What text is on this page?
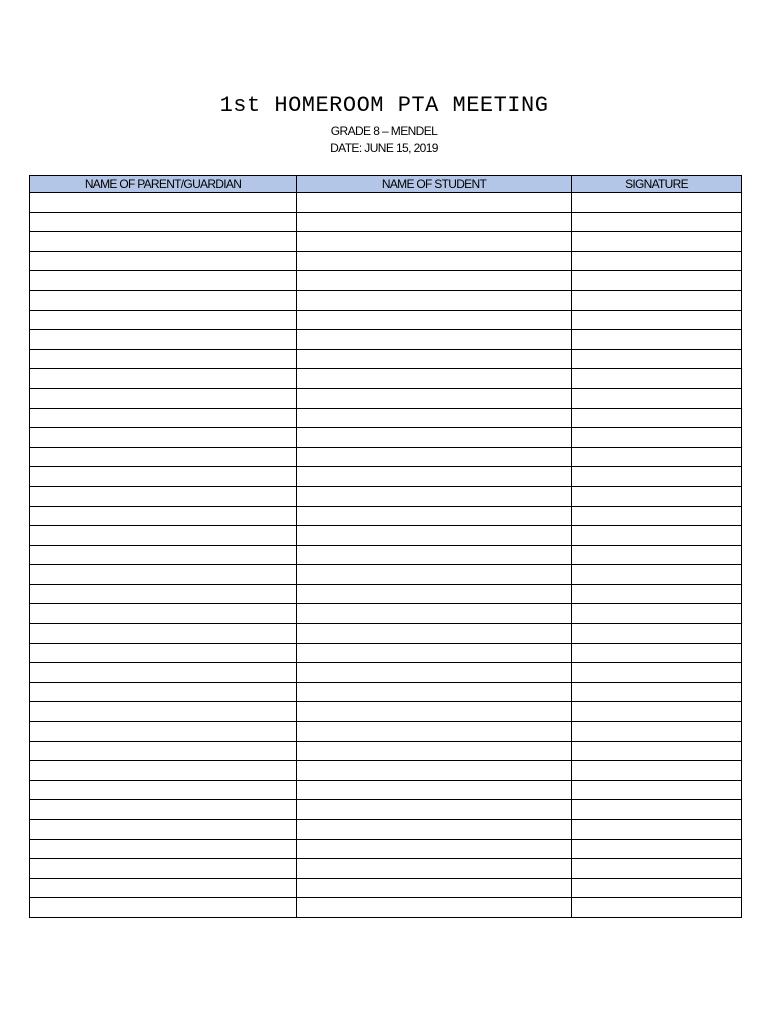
1st HOMEROOM PTA MEETING
GRADE 8 – MENDEL
DATE: JUNE 15, 2019
NAME OF PARENT/GUARDIAN	NAME OF STUDENT	SIGNATURE
